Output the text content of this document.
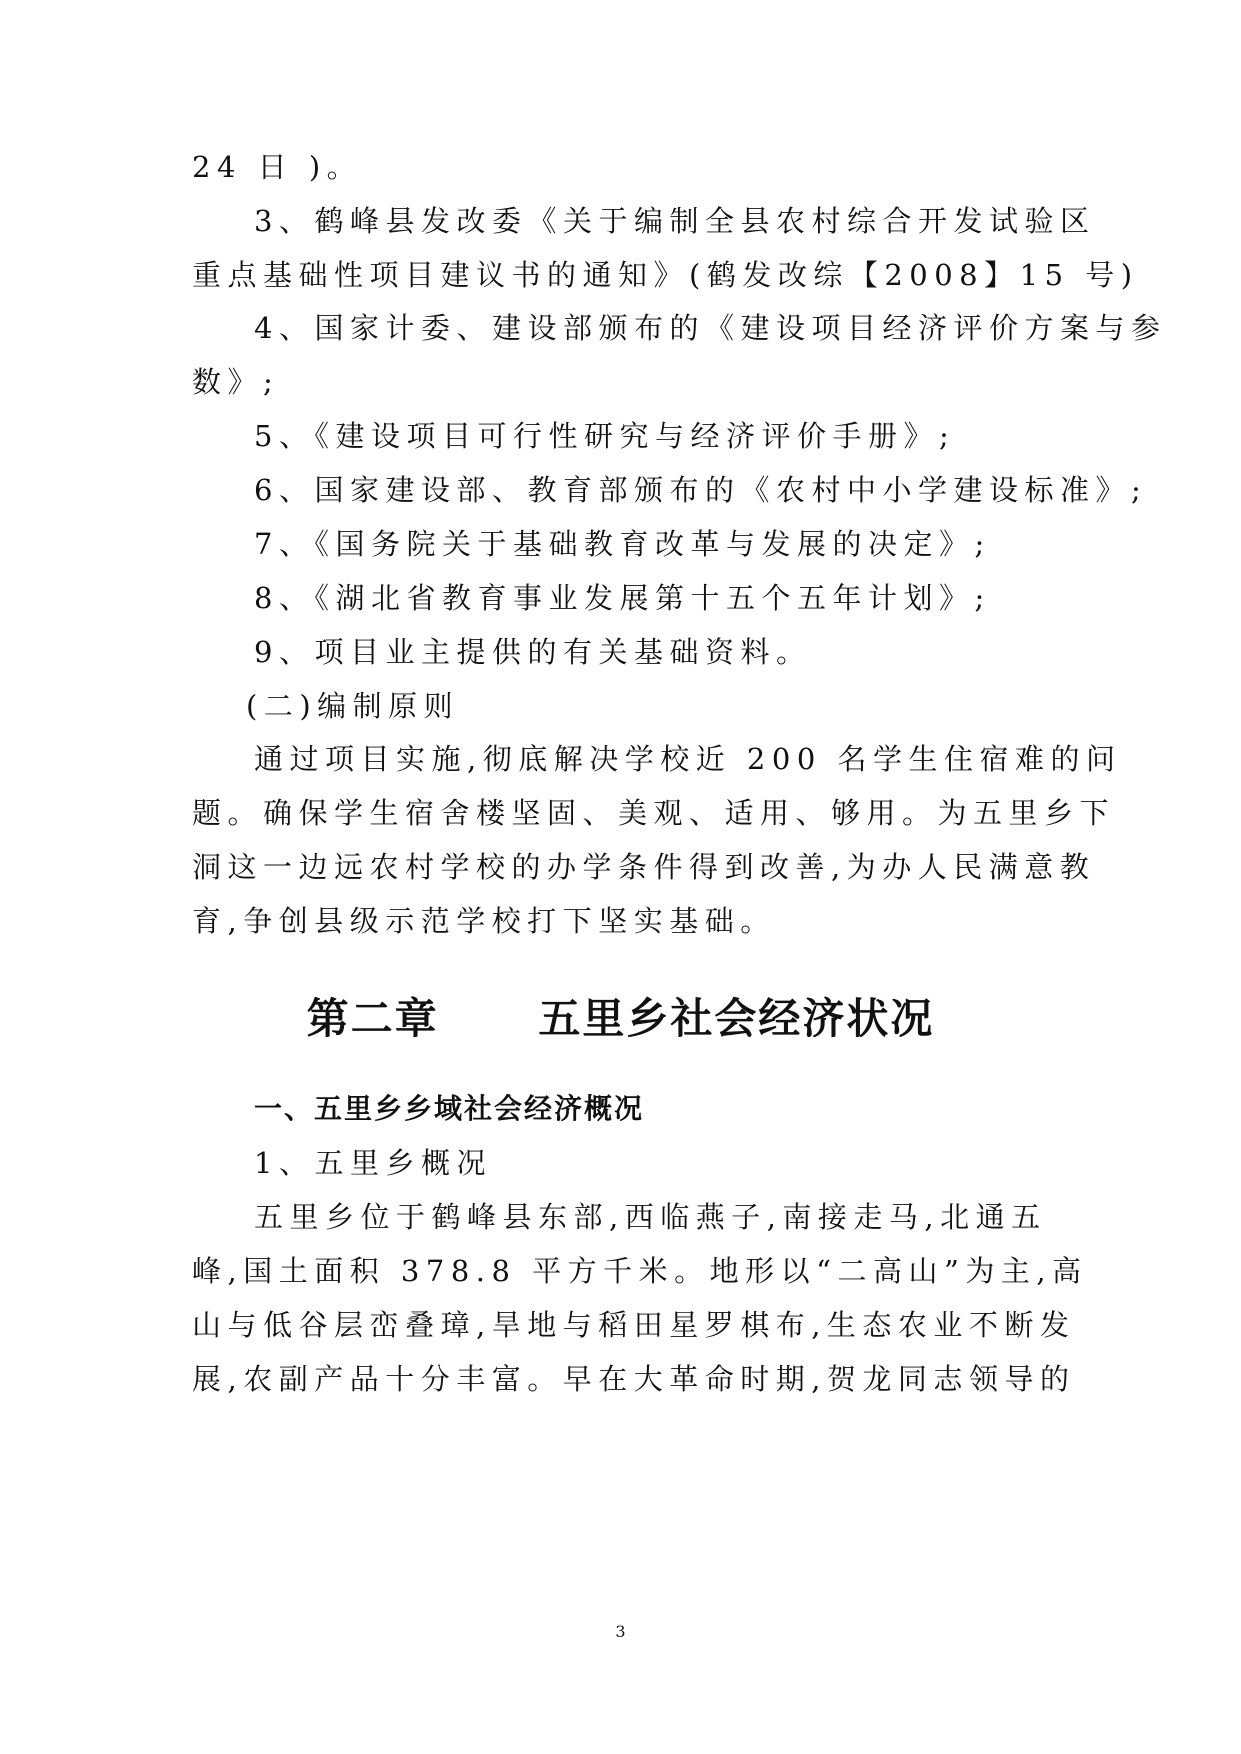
24 日 )。
3、鹤峰县发改委《关于编制全县农村综合开发试验区
重点基础性项目建议书的通知》(鹤发改综【2008】15 号)
4、国家计委、建设部颁布的《建设项目经济评价方案与参
数》;
5、《建设项目可行性研究与经济评价手册》;
6、国家建设部、教育部颁布的《农村中小学建设标准》;
7、《国务院关于基础教育改革与发展的决定》;
8、《湖北省教育事业发展第十五个五年计划》;
9、项目业主提供的有关基础资料。
(二)编制原则
通过项目实施,彻底解决学校近 200 名学生住宿难的问
题。确保学生宿舍楼坚固、美观、适用、够用。为五里乡下
洞这一边远农村学校的办学条件得到改善,为办人民满意教
育,争创县级示范学校打下坚实基础。
第二章      五里乡社会经济状况
一、五里乡乡域社会经济概况
1、五里乡概况
五里乡位于鹤峰县东部,西临燕子,南接走马,北通五
峰,国土面积 378.8 平方千米。地形以“二高山”为主,高
山与低谷层峦叠璋,旱地与稻田星罗棋布,生态农业不断发
展,农副产品十分丰富。早在大革命时期,贺龙同志领导的
3
